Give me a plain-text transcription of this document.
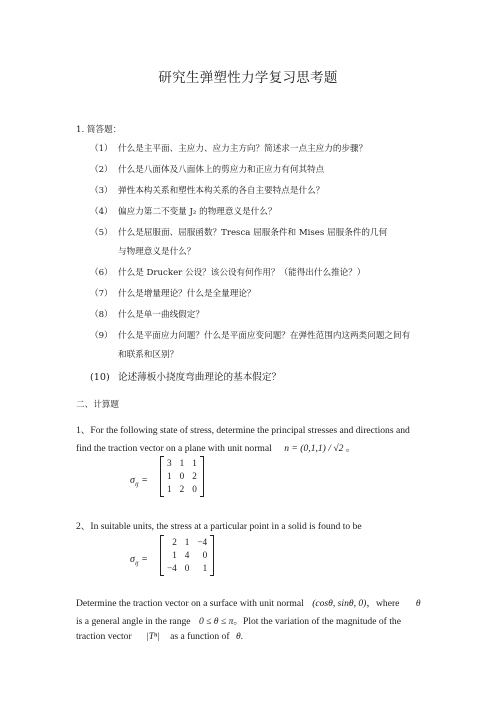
研究生弹塑性力学复习思考题
1. 简答题：
（1） 什么是主平面、主应力、应力主方向？简述求一点主应力的步骤？
（2） 什么是八面体及八面体上的剪应力和正应力有何其特点
（3） 弹性本构关系和塑性本构关系的各自主要特点是什么？
（4） 偏应力第二不变量 J₂ 的物理意义是什么？
（5） 什么是屈服面、屈服函数？Tresca 屈服条件和 Mises 屈服条件的几何
与物理意义是什么？
（6） 什么是 Drucker 公设？该公设有何作用？（能得出什么推论？）
（7） 什么是增量理论？什么是全量理论？
（8） 什么是单一曲线假定？
（9） 什么是平面应力问题？什么是平面应变问题？在弹性范围内这两类问题之间有
和联系和区别？
(10) 论述薄板小挠度弯曲理论的基本假定？
二、计算题
1、For the following state of stress, determine the principal stresses and directions and
find the traction vector on a plane with unit normal n = (0,1,1) / √2 。
$\sigma_{ij}$ =
3	1	1
1	0	2
1	2	0
2、In suitable units, the stress at a particular point in a solid is found to be
$\sigma_{ij}$ =
2	1	−4
1	4	0
−4	0	1
Determine the traction vector on a surface with unit normal (cosθ, sinθ, 0)，where θ
is a general angle in the range 0 ≤ θ ≤ π。Plot the variation of the magnitude of the
traction vector |Tⁿ| as a function of θ.
